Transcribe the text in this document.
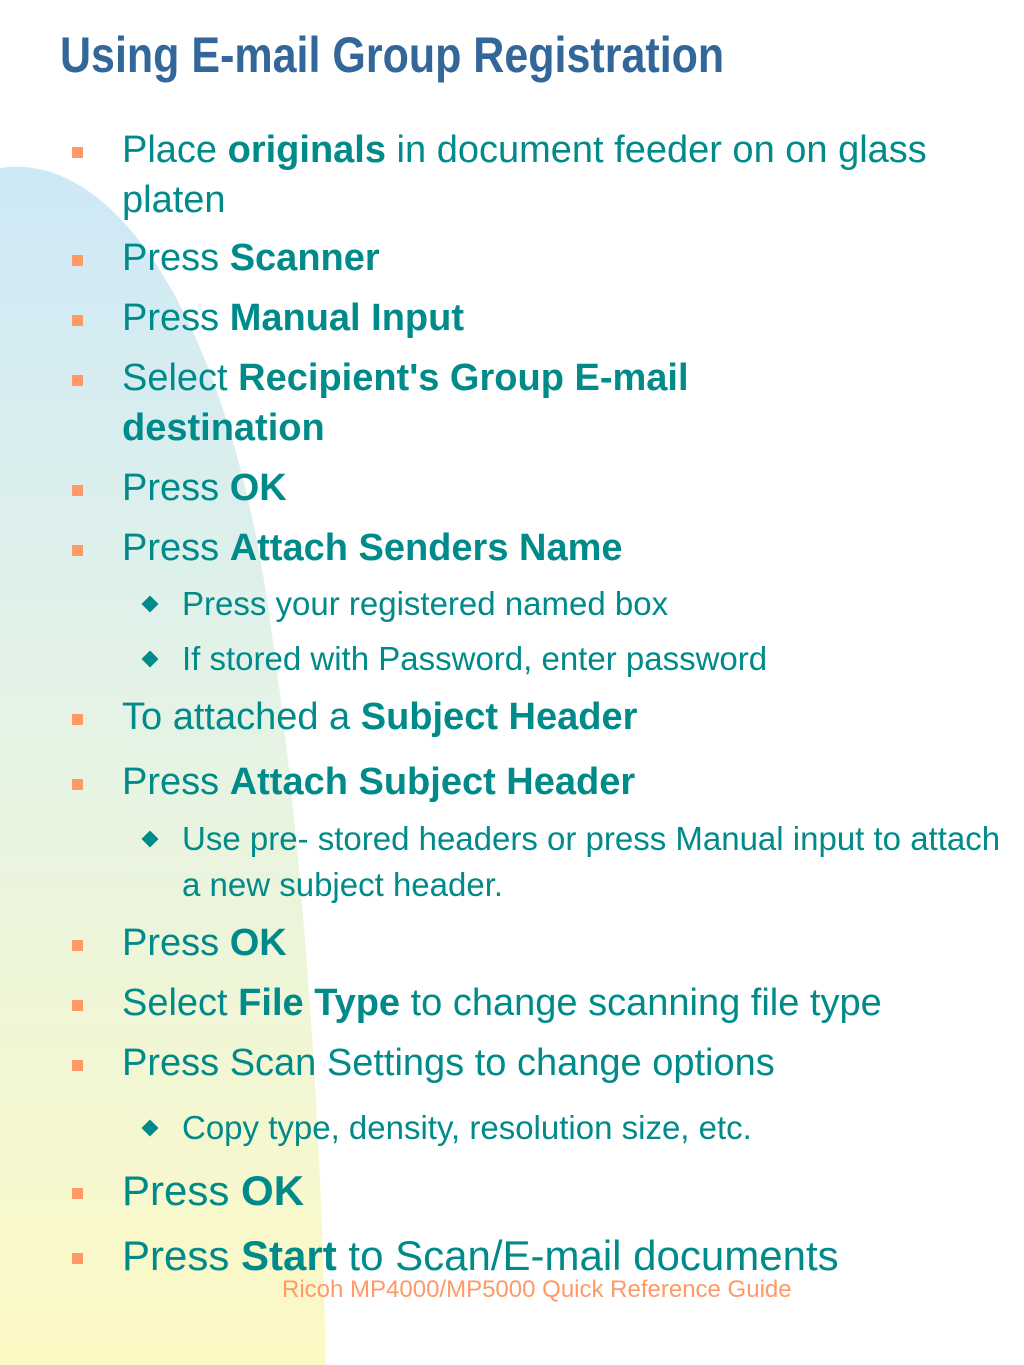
Using E-mail Group Registration
Place originals in document feeder on on glass platen
Press Scanner
Press Manual Input
Select Recipient's Group E-mail destination
Press OK
Press Attach Senders Name
Press your registered named box
If stored with Password, enter password
To attached a Subject Header
Press Attach Subject Header
Use pre- stored headers or press Manual input to attach a new subject header.
Press OK
Select File Type to change scanning file type
Press Scan Settings to change options
Copy type, density, resolution size, etc.
Press OK
Press Start to Scan/E-mail documents
Ricoh MP4000/MP5000 Quick Reference Guide
